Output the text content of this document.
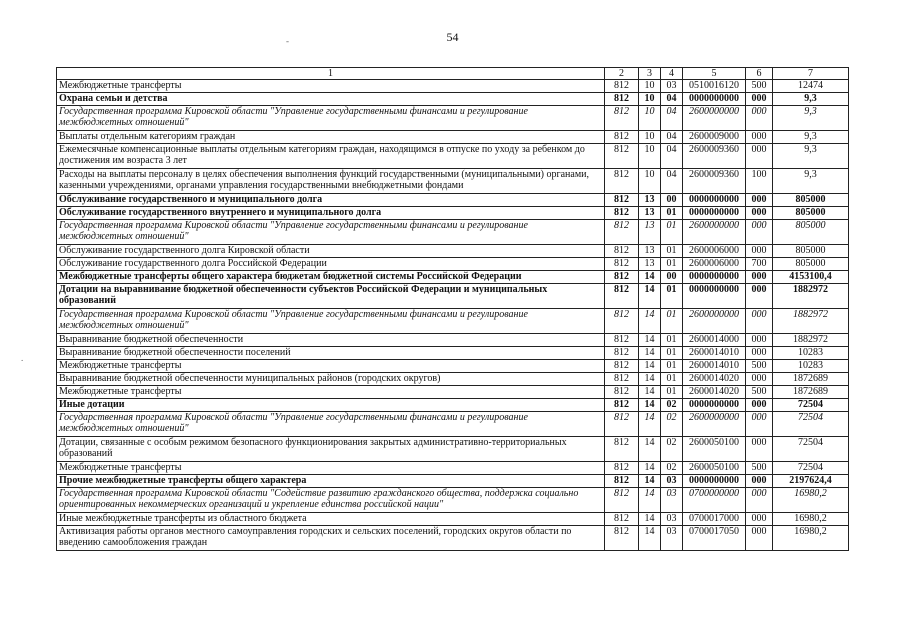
54
-
.
1	2	3	4	5	6	7
Межбюджетные трансферты	812	10	03	0510016120	500	12474
Охрана семьи и детства	812	10	04	0000000000	000	9,3
Государственная программа Кировской области "Управление государственными финансами и регулирование межбюджетных отношений"	812	10	04	2600000000	000	9,3
Выплаты отдельным категориям граждан	812	10	04	2600009000	000	9,3
Ежемесячные компенсационные выплаты отдельным категориям граждан, находящимся в отпуске по уходу за ребенком до достижения им возраста 3 лет	812	10	04	2600009360	000	9,3
Расходы на выплаты персоналу в целях обеспечения выполнения функций государственными (муниципальными) органами, казенными учреждениями, органами управления государственными внебюджетными фондами	812	10	04	2600009360	100	9,3
Обслуживание государственного и муниципального долга	812	13	00	0000000000	000	805000
Обслуживание государственного внутреннего и муниципального долга	812	13	01	0000000000	000	805000
Государственная программа Кировской области "Управление государственными финансами и регулирование межбюджетных отношений"	812	13	01	2600000000	000	805000
Обслуживание государственного долга Кировской области	812	13	01	2600006000	000	805000
Обслуживание государственного долга Российской Федерации	812	13	01	2600006000	700	805000
Межбюджетные трансферты общего характера бюджетам бюджетной системы Российской Федерации	812	14	00	0000000000	000	4153100,4
Дотации на выравнивание бюджетной обеспеченности субъектов Российской Федерации и муниципальных образований	812	14	01	0000000000	000	1882972
Государственная программа Кировской области "Управление государственными финансами и регулирование межбюджетных отношений"	812	14	01	2600000000	000	1882972
Выравнивание бюджетной обеспеченности	812	14	01	2600014000	000	1882972
Выравнивание бюджетной обеспеченности поселений	812	14	01	2600014010	000	10283
Межбюджетные трансферты	812	14	01	2600014010	500	10283
Выравнивание бюджетной обеспеченности муниципальных районов (городских округов)	812	14	01	2600014020	000	1872689
Межбюджетные трансферты	812	14	01	2600014020	500	1872689
Иные дотации	812	14	02	0000000000	000	72504
Государственная программа Кировской области "Управление государственными финансами и регулирование межбюджетных отношений"	812	14	02	2600000000	000	72504
Дотации, связанные с особым режимом безопасного функционирования закрытых административно-территориальных образований	812	14	02	2600050100	000	72504
Межбюджетные трансферты	812	14	02	2600050100	500	72504
Прочие межбюджетные трансферты общего характера	812	14	03	0000000000	000	2197624,4
Государственная программа Кировской области "Содействие развитию гражданского общества, поддержка социально ориентированных некоммерческих организаций и укрепление единства российской нации"	812	14	03	0700000000	000	16980,2
Иные межбюджетные трансферты из областного бюджета	812	14	03	0700017000	000	16980,2
Активизация работы органов местного самоуправления городских и сельских поселений, городских округов области по введению самообложения граждан	812	14	03	0700017050	000	16980,2
